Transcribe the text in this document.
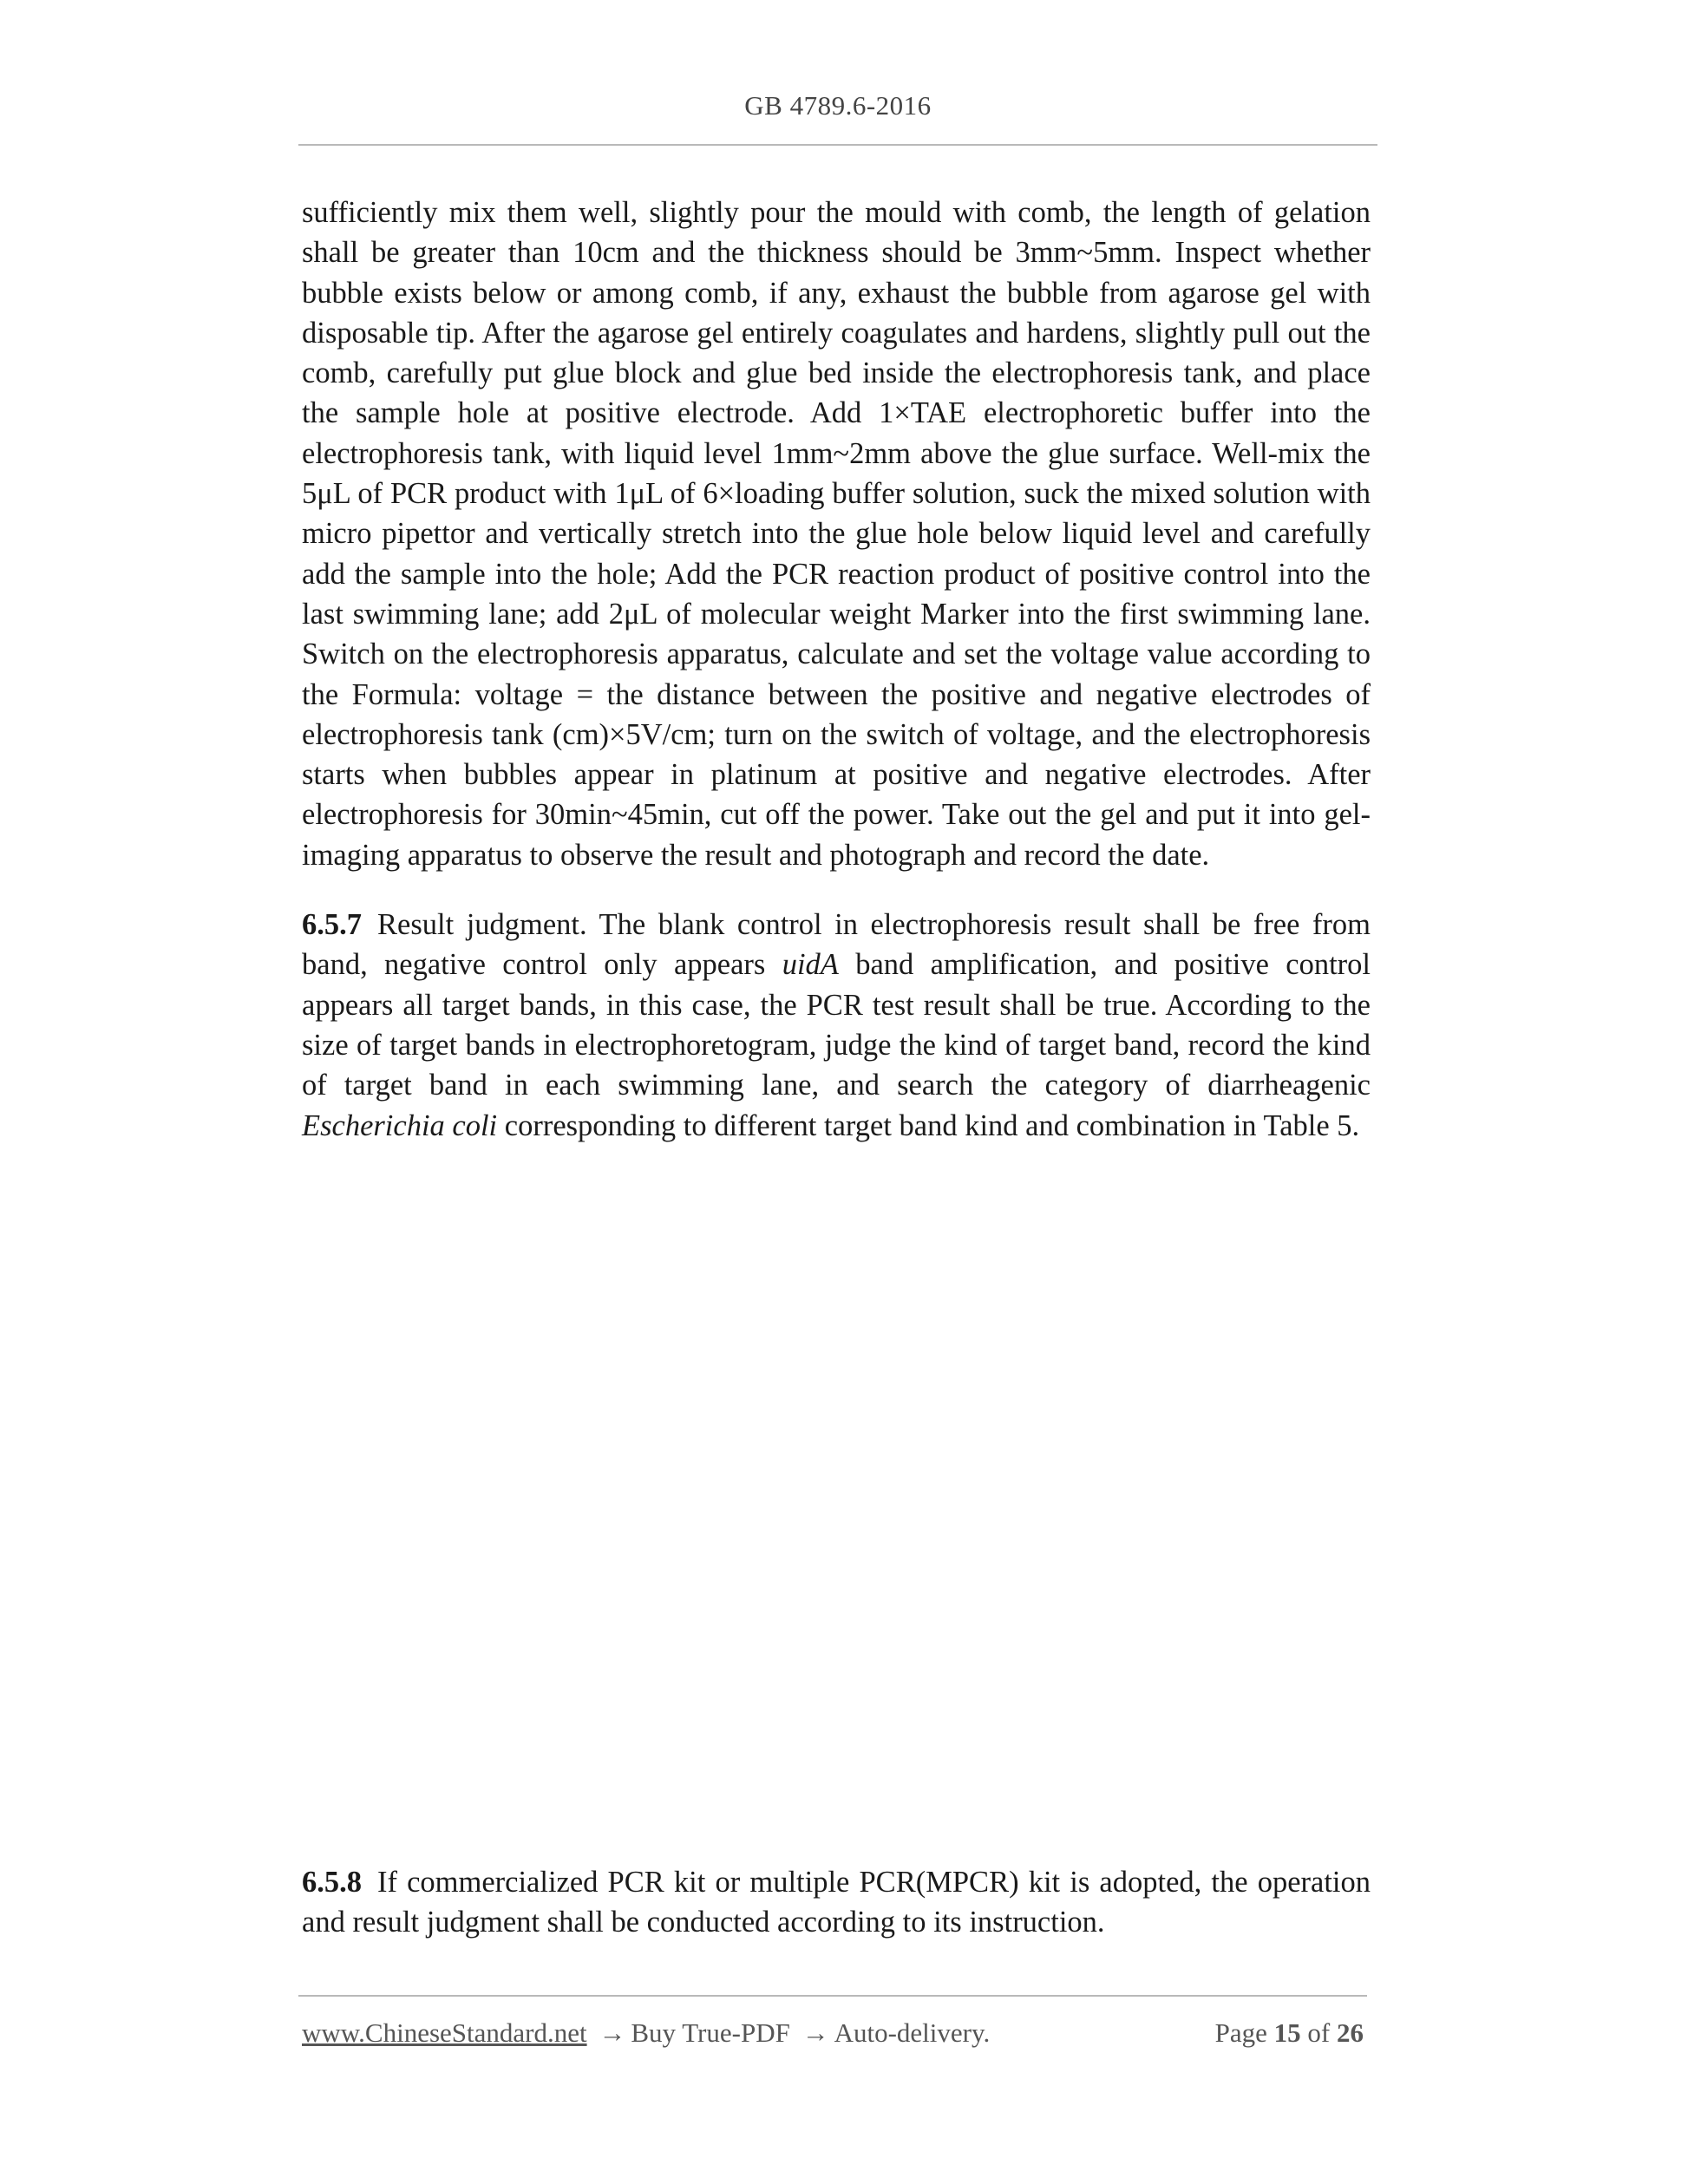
GB 4789.6-2016

sufficiently mix them well, slightly pour the mould with comb, the length of gelation shall be greater than 10cm and the thickness should be 3mm~5mm. Inspect whether bubble exists below or among comb, if any, exhaust the bubble from agarose gel with disposable tip. After the agarose gel entirely coagulates and hardens, slightly pull out the comb, carefully put glue block and glue bed inside the electrophoresis tank, and place the sample hole at positive electrode. Add 1×TAE electrophoretic buffer into the electrophoresis tank, with liquid level 1mm~2mm above the glue surface. Well-mix the 5μL of PCR product with 1μL of 6×loading buffer solution, suck the mixed solution with micro pipettor and vertically stretch into the glue hole below liquid level and carefully add the sample into the hole; Add the PCR reaction product of positive control into the last swimming lane; add 2μL of molecular weight Marker into the first swimming lane. Switch on the electrophoresis apparatus, calculate and set the voltage value according to the Formula: voltage = the distance between the positive and negative electrodes of electrophoresis tank (cm)×5V/cm; turn on the switch of voltage, and the electrophoresis starts when bubbles appear in platinum at positive and negative electrodes. After electrophoresis for 30min~45min, cut off the power. Take out the gel and put it into gel-imaging apparatus to observe the result and photograph and record the date.

6.5.7 Result judgment. The blank control in electrophoresis result shall be free from band, negative control only appears uidA band amplification, and positive control appears all target bands, in this case, the PCR test result shall be true. According to the size of target bands in electrophoretogram, judge the kind of target band, record the kind of target band in each swimming lane, and search the category of diarrheagenic Escherichia coli corresponding to different target band kind and combination in Table 5.

6.5.8 If commercialized PCR kit or multiple PCR(MPCR) kit is adopted, the operation and result judgment shall be conducted according to its instruction.

www.ChineseStandard.net → Buy True-PDF → Auto-delivery.	Page 15 of 26
